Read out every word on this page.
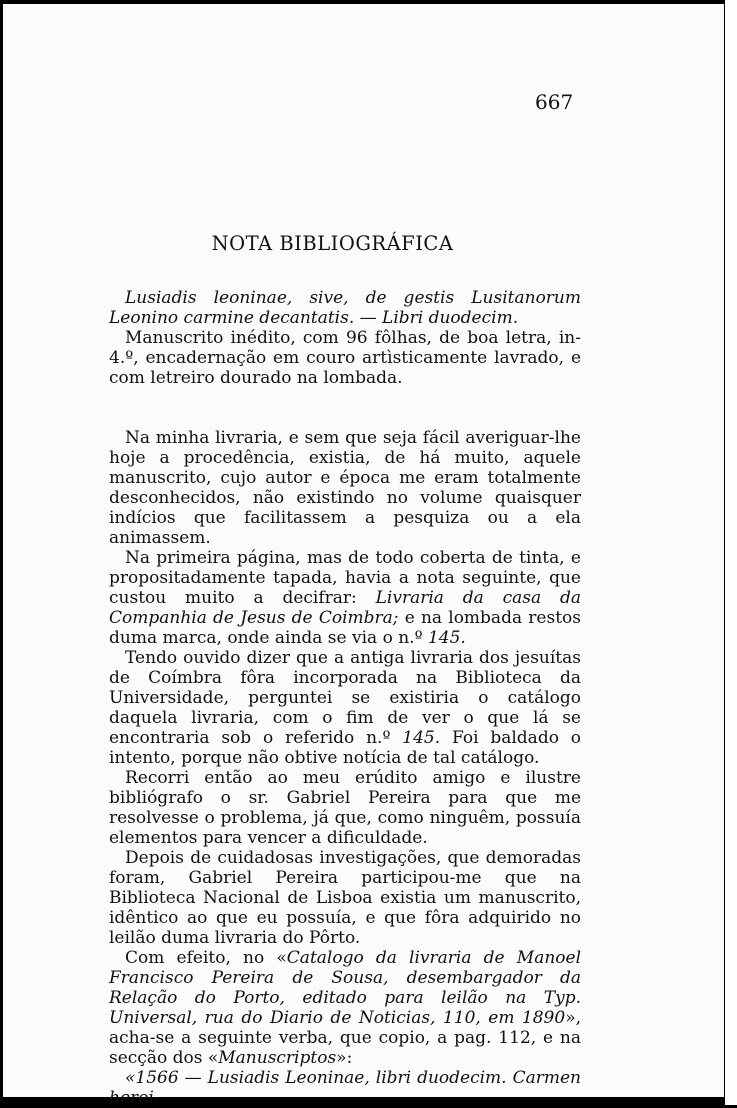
667
NOTA BIBLIOGRÁFICA

Lusiadis leoninae, sive, de gestis Lusitanorum Leonino carmine decantatis. — Libri duodecim.

Manuscrito inédito, com 96 fôlhas, de boa letra, in-4.º, encadernação em couro artìsticamente lavrado, e com letreiro dourado na lombada.

Na minha livraria, e sem que seja fácil averiguar-lhe hoje a procedência, existia, de há muito, aquele manuscrito, cujo autor e época me eram totalmente desconhecidos, não existindo no volume quaisquer indícios que facilitassem a pesquiza ou a ela animassem.

Na primeira página, mas de todo coberta de tinta, e propositadamente tapada, havia a nota seguinte, que custou muito a decifrar: Livraria da casa da Companhia de Jesus de Coimbra; e na lombada restos duma marca, onde ainda se via o n.º 145.

Tendo ouvido dizer que a antiga livraria dos jesuítas de Coímbra fôra incorporada na Biblioteca da Universidade, perguntei se existiria o catálogo daquela livraria, com o fim de ver o que lá se encontraria sob o referido n.º 145. Foi baldado o intento, porque não obtive notícia de tal catálogo.

Recorri então ao meu erúdito amigo e ilustre bibliógrafo o sr. Gabriel Pereira para que me resolvesse o problema, já que, como ninguêm, possuía elementos para vencer a dificuldade.

Depois de cuidadosas investigações, que demoradas foram, Gabriel Pereira participou-me que na Biblioteca Nacional de Lisboa existia um manuscrito, idêntico ao que eu possuía, e que fôra adquirido no leilão duma livraria do Pôrto.

Com efeito, no «Catalogo da livraria de Manoel Francisco Pereira de Sousa, desembargador da Relação do Porto, editado para leilão na Typ. Universal, rua do Diario de Noticias, 110, em 1890», acha-se a seguinte verba, que copio, a pag. 112, e na secção dos «Manuscriptos»:

«1566 — Lusiadis Leoninae, libri duodecim. Carmen heroi-
